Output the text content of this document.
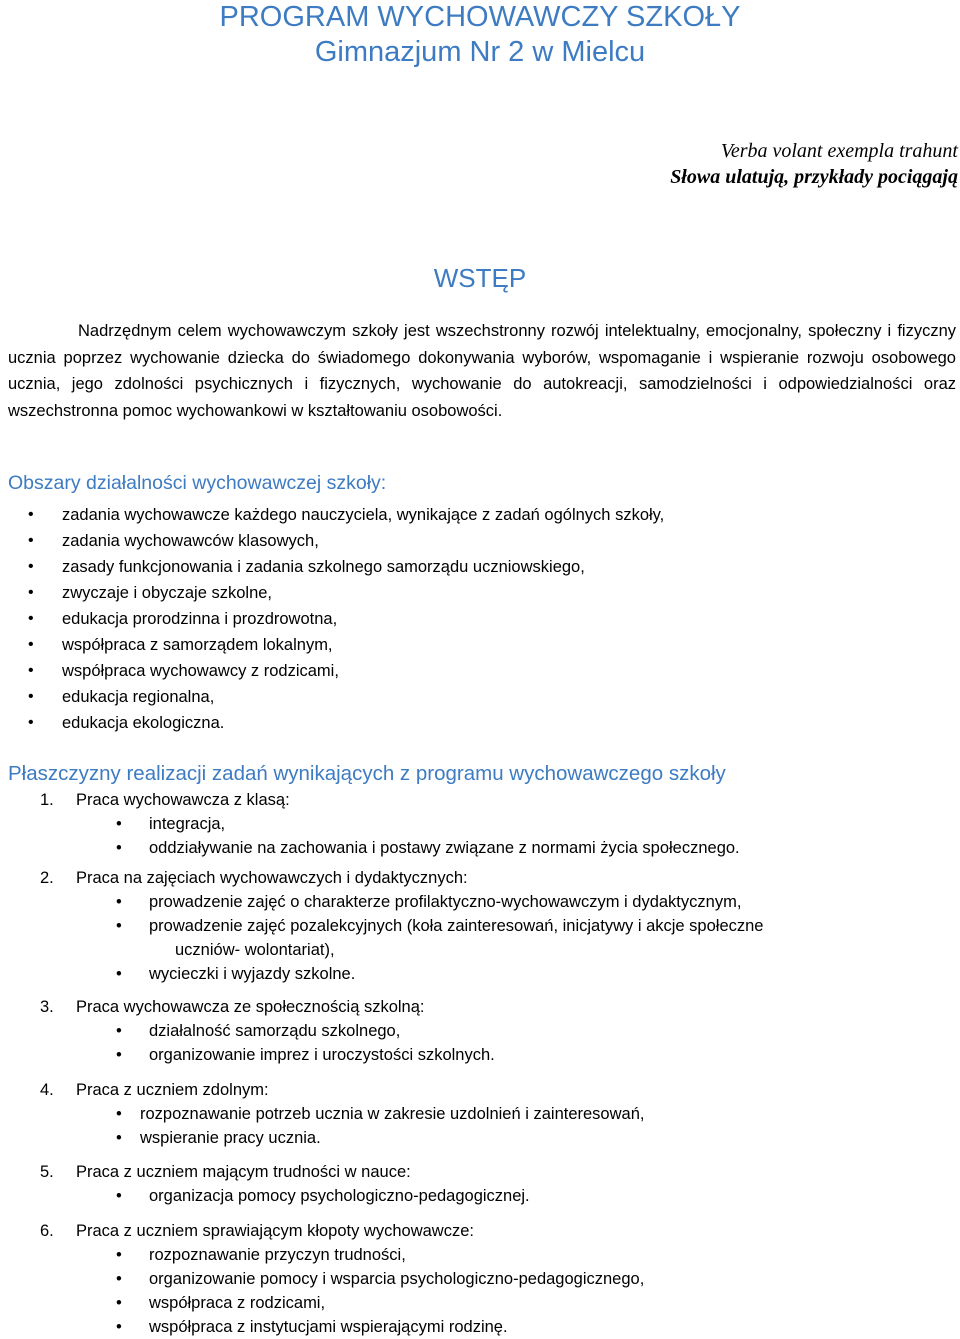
PROGRAM WYCHOWAWCZY SZKOŁY
Gimnazjum Nr 2 w Mielcu
Verba volant exempla trahunt
Słowa ulatują, przykłady pociągają
WSTĘP

Nadrzędnym celem wychowawczym szkoły jest wszechstronny rozwój intelektualny, emocjonalny, społeczny i fizyczny ucznia poprzez wychowanie dziecka do świadomego dokonywania wyborów, wspomaganie i wspieranie rozwoju osobowego ucznia, jego zdolności psychicznych i fizycznych, wychowanie do autokreacji, samodzielności i odpowiedzialności oraz wszechstronna pomoc wychowankowi w kształtowaniu osobowości.

Obszary działalności wychowawczej szkoły:
• zadania wychowawcze każdego nauczyciela, wynikające z zadań ogólnych szkoły,
• zadania wychowawców klasowych,
• zasady funkcjonowania i zadania szkolnego samorządu uczniowskiego,
• zwyczaje i obyczaje szkolne,
• edukacja prorodzinna i prozdrowotna,
• współpraca z samorządem lokalnym,
• współpraca wychowawcy z rodzicami,
• edukacja regionalna,
• edukacja ekologiczna.
Płaszczyzny realizacji zadań wynikających z programu wychowawczego szkoły
1.	Praca wychowawcza z klasą:
• integracja,
• oddziaływanie na zachowania i postawy związane z normami życia społecznego.
2.	Praca na zajęciach wychowawczych i dydaktycznych:
• prowadzenie zajęć o charakterze profilaktyczno-wychowawczym i dydaktycznym,
• prowadzenie zajęć pozalekcyjnych (koła zainteresowań, inicjatywy i akcje społeczne
uczniów- wolontariat),
• wycieczki i wyjazdy szkolne.
3.	Praca wychowawcza ze społecznością szkolną:
• działalność samorządu szkolnego,
• organizowanie imprez i uroczystości szkolnych.
4.	Praca z uczniem zdolnym:
• rozpoznawanie potrzeb ucznia w zakresie uzdolnień i zainteresowań,
• wspieranie pracy ucznia.
5.	Praca z uczniem mającym trudności w nauce:
• organizacja pomocy psychologiczno-pedagogicznej.
6.	Praca z uczniem sprawiającym kłopoty wychowawcze:
• rozpoznawanie przyczyn trudności,
• organizowanie pomocy i wsparcia psychologiczno-pedagogicznego,
• współpraca z rodzicami,
• współpraca z instytucjami wspierającymi rodzinę.
